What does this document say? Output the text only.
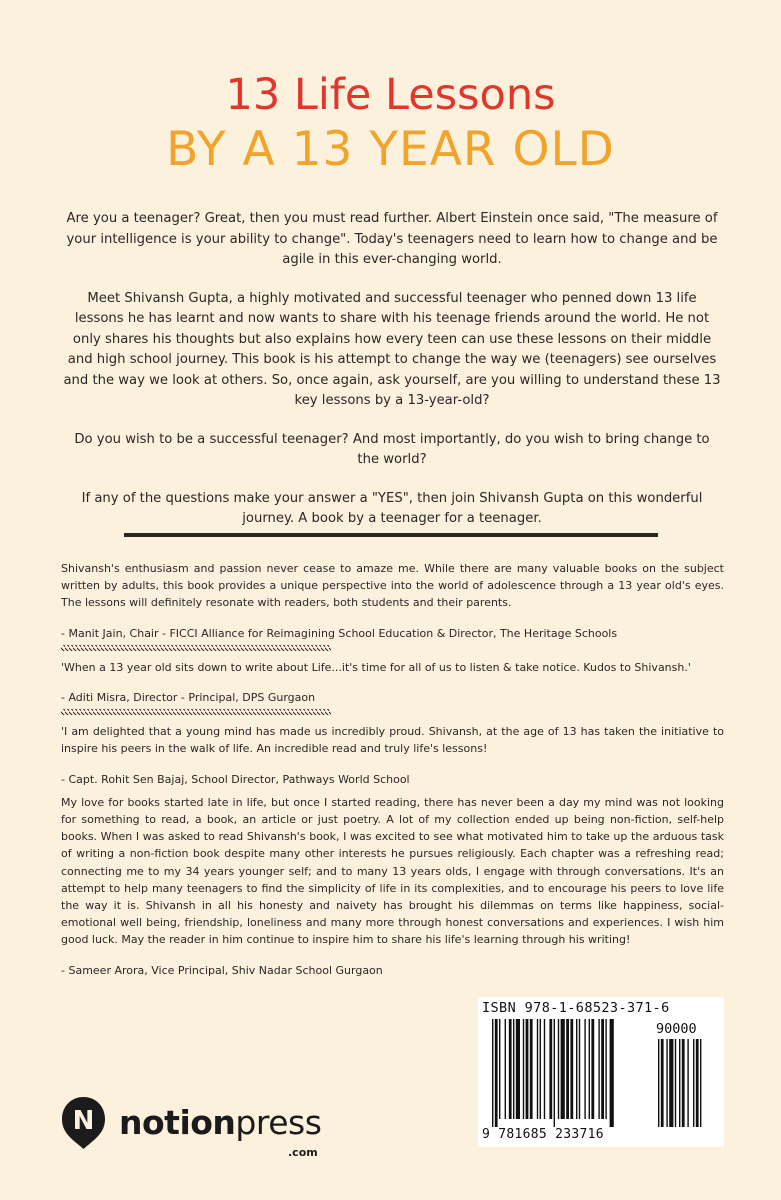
13 Life Lessons
BY A 13 YEAR OLD

Are you a teenager? Great, then you must read further. Albert Einstein once said, "The measure of your intelligence is your ability to change". Today's teenagers need to learn how to change and be agile in this ever-changing world.

Meet Shivansh Gupta, a highly motivated and successful teenager who penned down 13 life lessons he has learnt and now wants to share with his teenage friends around the world. He not only shares his thoughts but also explains how every teen can use these lessons on their middle and high school journey. This book is his attempt to change the way we (teenagers) see ourselves and the way we look at others. So, once again, ask yourself, are you willing to understand these 13 key lessons by a 13-year-old?

Do you wish to be a successful teenager? And most importantly, do you wish to bring change to the world?

If any of the questions make your answer a "YES", then join Shivansh Gupta on this wonderful journey. A book by a teenager for a teenager.

Shivansh's enthusiasm and passion never cease to amaze me. While there are many valuable books on the subject written by adults, this book provides a unique perspective into the world of adolescence through a 13 year old's eyes. The lessons will definitely resonate with readers, both students and their parents.

- Manit Jain, Chair - FICCI Alliance for Reimagining School Education & Director, The Heritage Schools

'When a 13 year old sits down to write about Life...it's time for all of us to listen & take notice. Kudos to Shivansh.'

- Aditi Misra, Director - Principal, DPS Gurgaon

'I am delighted that a young mind has made us incredibly proud. Shivansh, at the age of 13 has taken the initiative to inspire his peers in the walk of life. An incredible read and truly life's lessons!

- Capt. Rohit Sen Bajaj, School Director, Pathways World School

My love for books started late in life, but once I started reading, there has never been a day my mind was not looking for something to read, a book, an article or just poetry. A lot of my collection ended up being non-fiction, self-help books. When I was asked to read Shivansh's book, I was excited to see what motivated him to take up the arduous task of writing a non-fiction book despite many other interests he pursues religiously. Each chapter was a refreshing read; connecting me to my 34 years younger self; and to many 13 years olds, I engage with through conversations. It's an attempt to help many teenagers to find the simplicity of life in its complexities, and to encourage his peers to love life the way it is. Shivansh in all his honesty and naivety has brought his dilemmas on terms like happiness, social-emotional well being, friendship, loneliness and many more through honest conversations and experiences. I wish him good luck. May the reader in him continue to inspire him to share his life's learning through his writing!

- Sameer Arora, Vice Principal, Shiv Nadar School Gurgaon

ISBN 978-1-68523-371-6
90000
9 781685 233716
N notionpress
.com
